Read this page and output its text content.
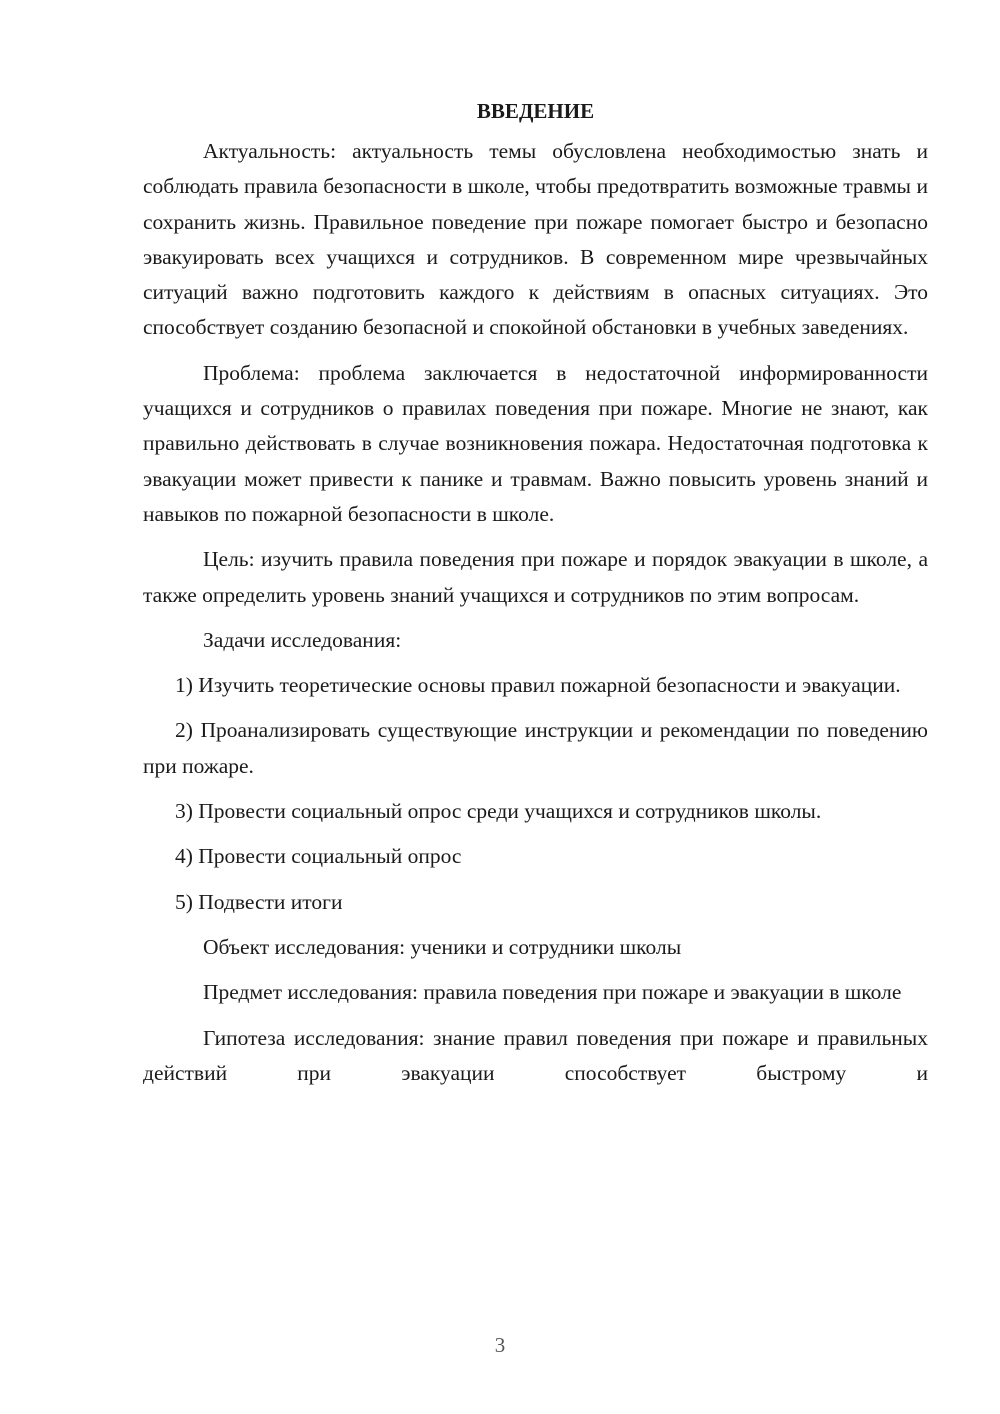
ВВЕДЕНИЕ

Актуальность: актуальность темы обусловлена необходимостью знать и соблюдать правила безопасности в школе, чтобы предотвратить возможные травмы и сохранить жизнь. Правильное поведение при пожаре помогает быстро и безопасно эвакуировать всех учащихся и сотрудников. В современном мире чрезвычайных ситуаций важно подготовить каждого к действиям в опасных ситуациях. Это способствует созданию безопасной и спокойной обстановки в учебных заведениях.

Проблема: проблема заключается в недостаточной информированности учащихся и сотрудников о правилах поведения при пожаре. Многие не знают, как правильно действовать в случае возникновения пожара. Недостаточная подготовка к эвакуации может привести к панике и травмам. Важно повысить уровень знаний и навыков по пожарной безопасности в школе.

Цель: изучить правила поведения при пожаре и порядок эвакуации в школе, а также определить уровень знаний учащихся и сотрудников по этим вопросам.

Задачи исследования:

1) Изучить теоретические основы правил пожарной безопасности и эвакуации.

2) Проанализировать существующие инструкции и рекомендации по поведению при пожаре.

3) Провести социальный опрос среди учащихся и сотрудников школы.

4) Провести социальный опрос

5) Подвести итоги

Объект исследования: ученики и сотрудники школы

Предмет исследования: правила поведения при пожаре и эвакуации в школе

Гипотеза исследования: знание правил поведения при пожаре и правильных действий при эвакуации способствует быстрому и

3
